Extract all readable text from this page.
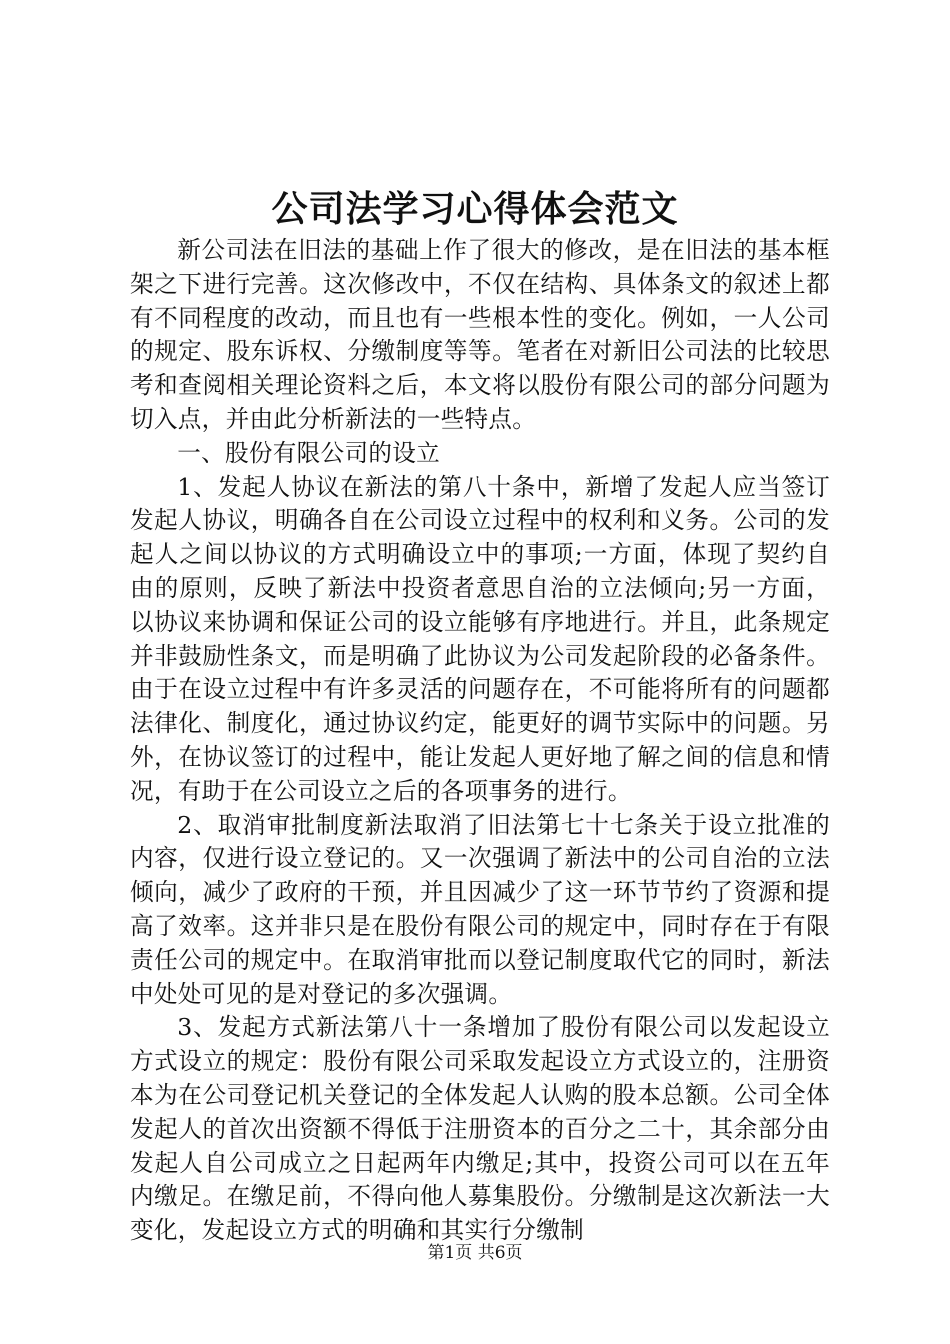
公司法学习心得体会范文

新公司法在旧法的基础上作了很大的修改，是在旧法的基本框架之下进行完善。这次修改中，不仅在结构、具体条文的叙述上都有不同程度的改动，而且也有一些根本性的变化。例如，一人公司的规定、股东诉权、分缴制度等等。笔者在对新旧公司法的比较思考和查阅相关理论资料之后，本文将以股份有限公司的部分问题为切入点，并由此分析新法的一些特点。

一、股份有限公司的设立

1、发起人协议在新法的第八十条中，新增了发起人应当签订发起人协议，明确各自在公司设立过程中的权利和义务。公司的发起人之间以协议的方式明确设立中的事项;一方面，体现了契约自由的原则，反映了新法中投资者意思自治的立法倾向;另一方面，以协议来协调和保证公司的设立能够有序地进行。并且，此条规定并非鼓励性条文，而是明确了此协议为公司发起阶段的必备条件。由于在设立过程中有许多灵活的问题存在，不可能将所有的问题都法律化、制度化，通过协议约定，能更好的调节实际中的问题。另外，在协议签订的过程中，能让发起人更好地了解之间的信息和情况，有助于在公司设立之后的各项事务的进行。

2、取消审批制度新法取消了旧法第七十七条关于设立批准的内容，仅进行设立登记的。又一次强调了新法中的公司自治的立法倾向，减少了政府的干预，并且因减少了这一环节节约了资源和提高了效率。这并非只是在股份有限公司的规定中，同时存在于有限责任公司的规定中。在取消审批而以登记制度取代它的同时，新法中处处可见的是对登记的多次强调。

3、发起方式新法第八十一条增加了股份有限公司以发起设立方式设立的规定：股份有限公司采取发起设立方式设立的，注册资本为在公司登记机关登记的全体发起人认购的股本总额。公司全体发起人的首次出资额不得低于注册资本的百分之二十，其余部分由发起人自公司成立之日起两年内缴足;其中，投资公司可以在五年内缴足。在缴足前，不得向他人募集股份。分缴制是这次新法一大变化，发起设立方式的明确和其实行分缴制

第1页 共6页
